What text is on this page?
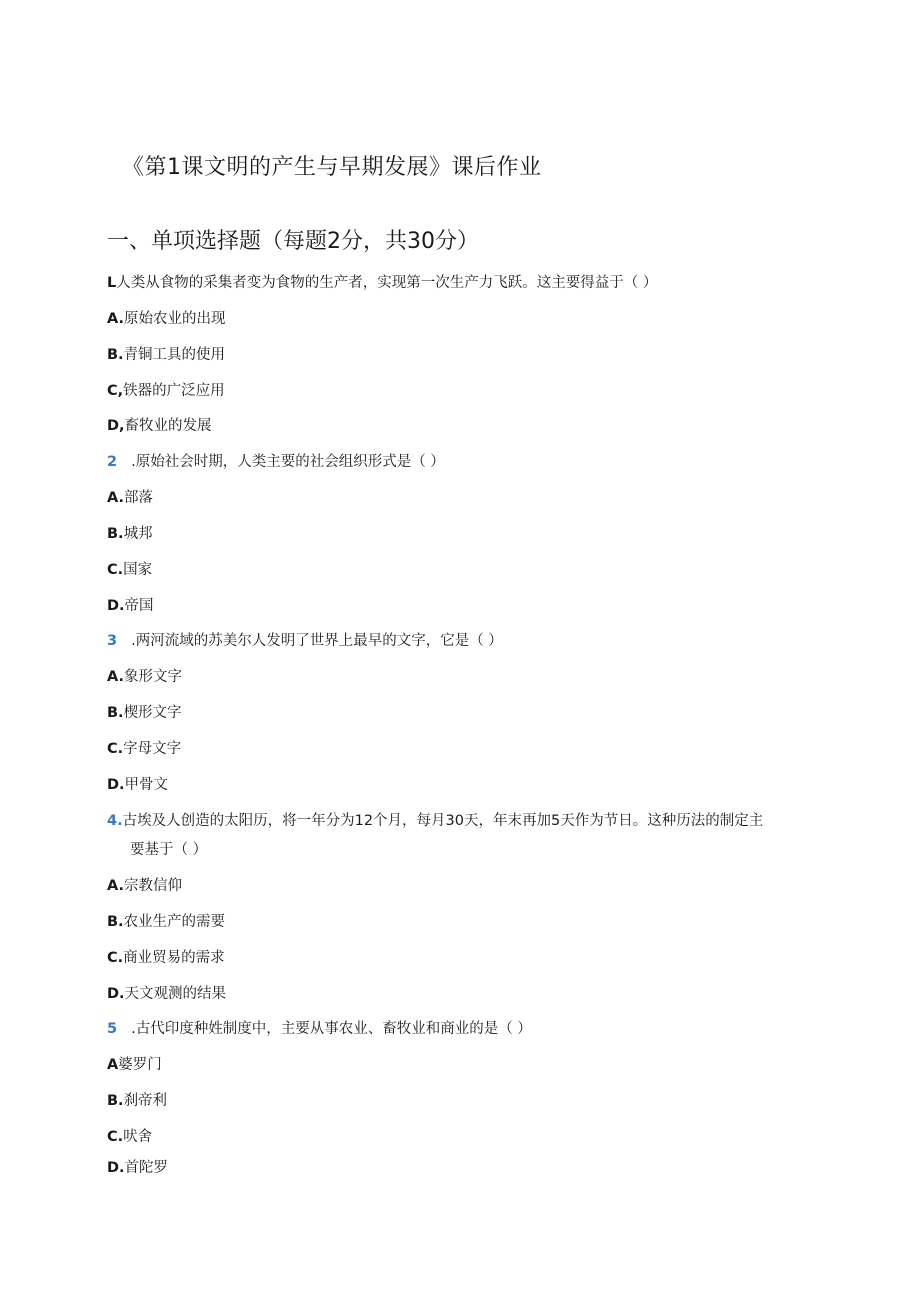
《第1课文明的产生与早期发展》课后作业
一、单项选择题（每题2分，共30分）
L人类从食物的采集者变为食物的生产者，实现第一次生产力飞跃。这主要得益于（ ）
A.原始农业的出现
B.青铜工具的使用
C,铁器的广泛应用
D,畜牧业的发展
2 .原始社会时期，人类主要的社会组织形式是（ ）
A.部落
B.城邦
C.国家
D.帝国
3 .两河流域的苏美尔人发明了世界上最早的文字，它是（ ）
A.象形文字
B.楔形文字
C.字母文字
D.甲骨文
4.古埃及人创造的太阳历，将一年分为12个月，每月30天，年末再加5天作为节日。这种历法的制定主
要基于（ ）
A.宗教信仰
B.农业生产的需要
C.商业贸易的需求
D.天文观测的结果
5 .古代印度种姓制度中，主要从事农业、畜牧业和商业的是（ ）
A婆罗门
B.刹帝利
C.吠舍
D.首陀罗
